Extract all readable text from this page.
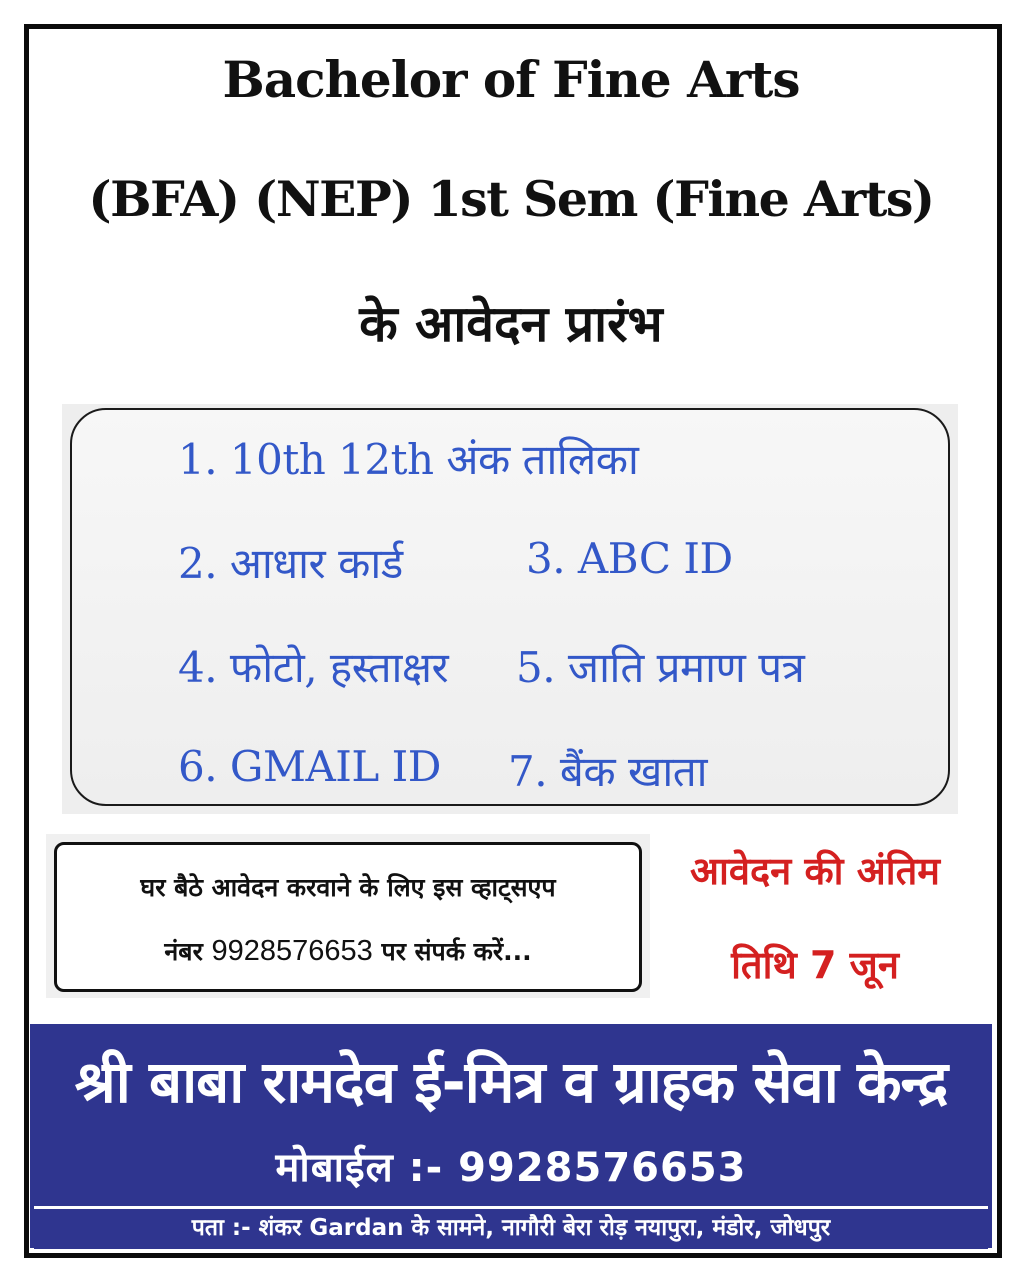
Bachelor of Fine Arts
(BFA) (NEP) 1st Sem (Fine Arts)
के आवेदन प्रारंभ
1. 10th 12th अंक तालिका
2. आधार कार्ड	3. ABC ID
4. फोटो, हस्ताक्षर 5. जाति प्रमाण पत्र
6. GMAIL ID 7. बैंक खाता
घर बैठे आवेदन करवाने के लिए इस व्हाट्सएप
नंबर 9928576653 पर संपर्क करें...
आवेदन की अंतिम
तिथि 7 जून
श्री बाबा रामदेव ई-मित्र व ग्राहक सेवा केन्द्र
मोबाईल :- 9928576653
पता :- शंकर Gardan के सामने, नागौरी बेरा रोड़ नयापुरा, मंडोर, जोधपुर
